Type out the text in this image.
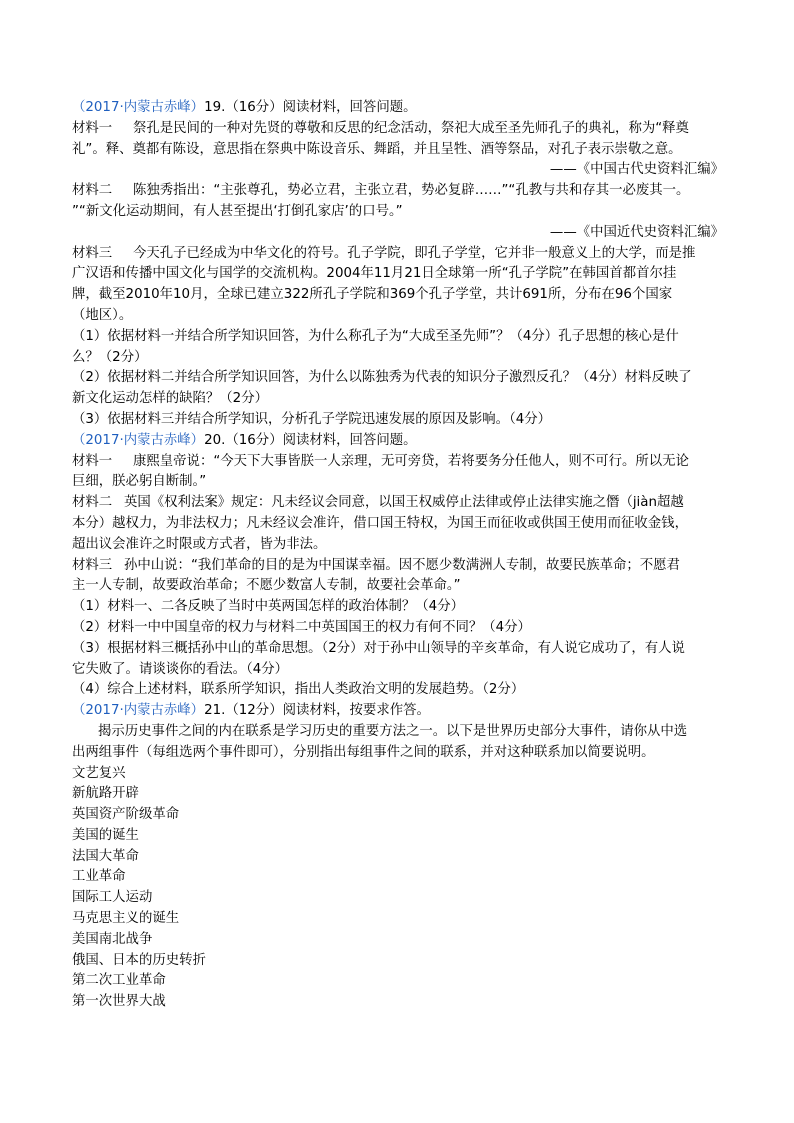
（2017·内蒙古赤峰）19.（16分）阅读材料，回答问题。
材料一 祭孔是民间的一种对先贤的尊敬和反思的纪念活动，祭祀大成至圣先师孔子的典礼，称为“释奠
礼”。释、奠都有陈设，意思指在祭典中陈设音乐、舞蹈，并且呈牲、酒等祭品，对孔子表示崇敬之意。
——《中国古代史资料汇编》
材料二 陈独秀指出：“主张尊孔，势必立君，主张立君，势必复辟……”“孔教与共和存其一必废其一。
”“新文化运动期间，有人甚至提出‘打倒孔家店’的口号。”
——《中国近代史资料汇编》
材料三 今天孔子已经成为中华文化的符号。孔子学院，即孔子学堂，它并非一般意义上的大学，而是推
广汉语和传播中国文化与国学的交流机构。2004年11月21日全球第一所“孔子学院”在韩国首都首尔挂
牌，截至2010年10月，全球已建立322所孔子学院和369个孔子学堂，共计691所，分布在96个国家
（地区）。
（1）依据材料一并结合所学知识回答，为什么称孔子为“大成至圣先师”？（4分）孔子思想的核心是什
么？（2分）
（2）依据材料二并结合所学知识回答，为什么以陈独秀为代表的知识分子激烈反孔？（4分）材料反映了
新文化运动怎样的缺陷？（2分）
（3）依据材料三并结合所学知识，分析孔子学院迅速发展的原因及影响。（4分）
（2017·内蒙古赤峰）20.（16分）阅读材料，回答问题。
材料一 康熙皇帝说：“今天下大事皆朕一人亲理，无可旁贷，若将要务分任他人，则不可行。所以无论
巨细，朕必躬自断制。”
材料二 英国《权利法案》规定：凡未经议会同意，以国王权威停止法律或停止法律实施之僭（jiàn超越
本分）越权力，为非法权力；凡未经议会准许，借口国王特权，为国王而征收或供国王使用而征收金钱，
超出议会准许之时限或方式者，皆为非法。
材料三 孙中山说：“我们革命的目的是为中国谋幸福。因不愿少数满洲人专制，故要民族革命；不愿君
主一人专制，故要政治革命；不愿少数富人专制，故要社会革命。”
（1）材料一、二各反映了当时中英两国怎样的政治体制？（4分）
（2）材料一中中国皇帝的权力与材料二中英国国王的权力有何不同？（4分）
（3）根据材料三概括孙中山的革命思想。（2分）对于孙中山领导的辛亥革命，有人说它成功了，有人说
它失败了。请谈谈你的看法。（4分）
（4）综合上述材料，联系所学知识，指出人类政治文明的发展趋势。（2分）
（2017·内蒙古赤峰）21.（12分）阅读材料，按要求作答。
揭示历史事件之间的内在联系是学习历史的重要方法之一。以下是世界历史部分大事件，请你从中选
出两组事件（每组选两个事件即可），分别指出每组事件之间的联系，并对这种联系加以简要说明。
文艺复兴
新航路开辟
英国资产阶级革命
美国的诞生
法国大革命
工业革命
国际工人运动
马克思主义的诞生
美国南北战争
俄国、日本的历史转折
第二次工业革命
第一次世界大战
